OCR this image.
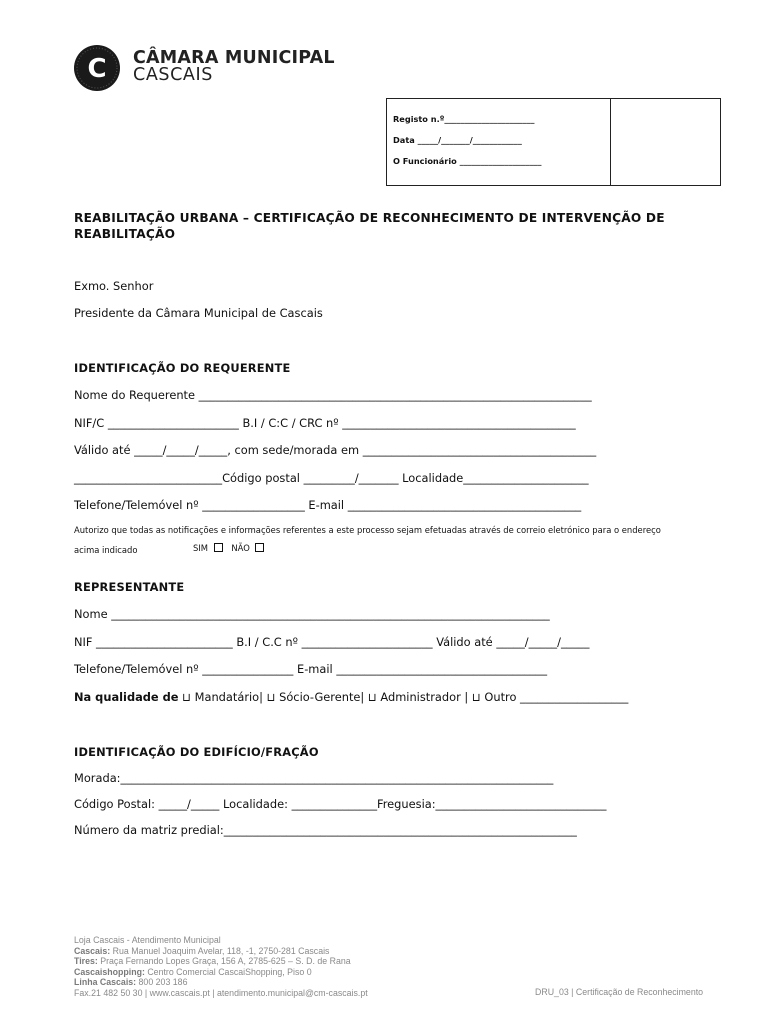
C CÂMARA MUNICIPAL
CASCAIS
Registo n.º______________________
Data _____/_______/____________
O Funcionário ____________________
REABILITAÇÃO URBANA – CERTIFICAÇÃO DE RECONHECIMENTO DE INTERVENÇÃO DE REABILITAÇÃO
Exmo. Senhor
Presidente da Câmara Municipal de Cascais
IDENTIFICAÇÃO DO REQUERENTE
Nome do Requerente _____________________________________________________________________
NIF/C _______________________ B.I / C:C / CRC nº _________________________________________
Válido até _____/_____/_____, com sede/morada em _________________________________________
__________________________Código postal _________/_______ Localidade______________________
Telefone/Telemóvel nº __________________ E-mail _________________________________________
Autorizo que todas as notificações e informações referentes a este processo sejam efetuadas através de correio eletrónico para o endereço
acima indicado	SIM	NÃO
REPRESENTANTE
Nome _____________________________________________________________________________
NIF ________________________ B.I / C.C nº _______________________ Válido até _____/_____/_____
Telefone/Telemóvel nº ________________ E-mail _____________________________________
Na qualidade de ⊔ Mandatário| ⊔ Sócio-Gerente| ⊔ Administrador | ⊔ Outro ___________________
IDENTIFICAÇÃO DO EDIFÍCIO/FRAÇÃO
Morada:____________________________________________________________________________
Código Postal: _____/_____ Localidade: _______________Freguesia:______________________________
Número da matriz predial:______________________________________________________________
Loja Cascais - Atendimento Municipal
Cascais: Rua Manuel Joaquim Avelar, 118, -1, 2750-281 Cascais
Tires: Praça Fernando Lopes Graça, 156 A, 2785-625 – S. D. de Rana
Cascaishopping: Centro Comercial CascaiShopping, Piso 0
Linha Cascais: 800 203 186
Fax.21 482 50 30 | www.cascais.pt | atendimento.municipal@cm-cascais.pt	DRU_03 | Certificação de Reconhecimento
